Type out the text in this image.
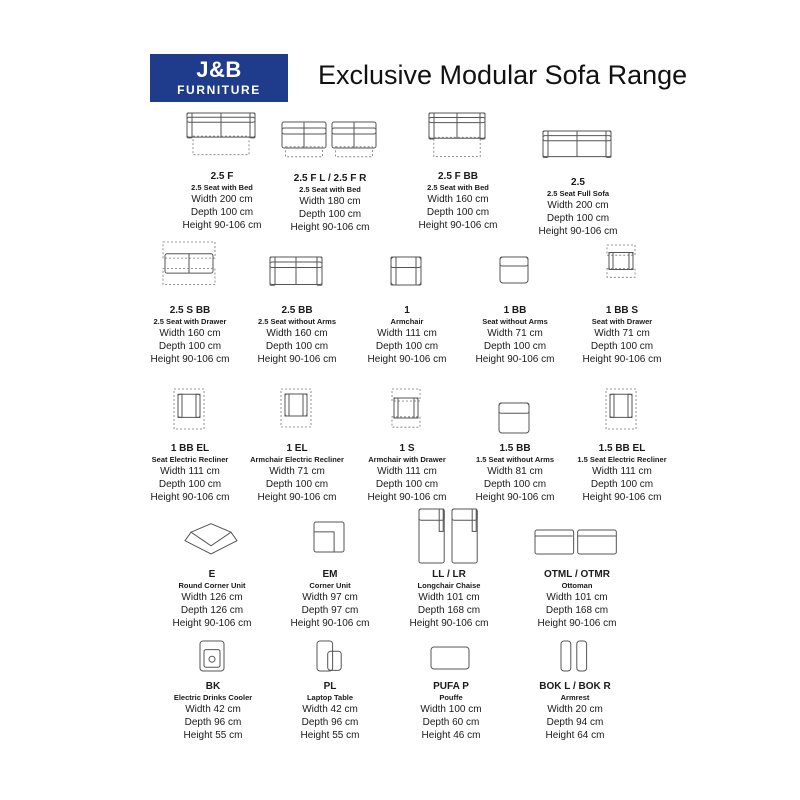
J&B
FURNITURE	Exclusive Modular Sofa Range
2.5 F
2.5 Seat with Bed
Width 200 cm
Depth 100 cm
Height 90-106 cm
2.5 F L / 2.5 F R
2.5 Seat with Bed
Width 180 cm
Depth 100 cm
Height 90-106 cm
2.5 F BB
2.5 Seat with Bed
Width 160 cm
Depth 100 cm
Height 90-106 cm
2.5
2.5 Seat Full Sofa
Width 200 cm
Depth 100 cm
Height 90-106 cm
2.5 S BB
2.5 Seat with Drawer
Width 160 cm
Depth 100 cm
Height 90-106 cm
2.5 BB
2.5 Seat without Arms
Width 160 cm
Depth 100 cm
Height 90-106 cm
1
Armchair
Width 111 cm
Depth 100 cm
Height 90-106 cm
1 BB
Seat without Arms
Width 71 cm
Depth 100 cm
Height 90-106 cm
1 BB S
Seat with Drawer
Width 71 cm
Depth 100 cm
Height 90-106 cm
1 BB EL
Seat Electric Recliner
Width 111 cm
Depth 100 cm
Height 90-106 cm
1 EL
Armchair Electric Recliner
Width 71 cm
Depth 100 cm
Height 90-106 cm
1 S
Armchair with Drawer
Width 111 cm
Depth 100 cm
Height 90-106 cm
1.5 BB
1.5 Seat without Arms
Width 81 cm
Depth 100 cm
Height 90-106 cm
1.5 BB EL
1.5 Seat Electric Recliner
Width 111 cm
Depth 100 cm
Height 90-106 cm
E
Round Corner Unit
Width 126 cm
Depth 126 cm
Height 90-106 cm
EM
Corner Unit
Width 97 cm
Depth 97 cm
Height 90-106 cm
LL / LR
Longchair Chaise
Width 101 cm
Depth 168 cm
Height 90-106 cm
OTML / OTMR
Ottoman
Width 101 cm
Depth 168 cm
Height 90-106 cm
BK
Electric Drinks Cooler
Width 42 cm
Depth 96 cm
Height 55 cm
PL
Laptop Table
Width 42 cm
Depth 96 cm
Height 55 cm
PUFA P
Pouffe
Width 100 cm
Depth 60 cm
Height 46 cm
BOK L / BOK R
Armrest
Width 20 cm
Depth 94 cm
Height 64 cm
